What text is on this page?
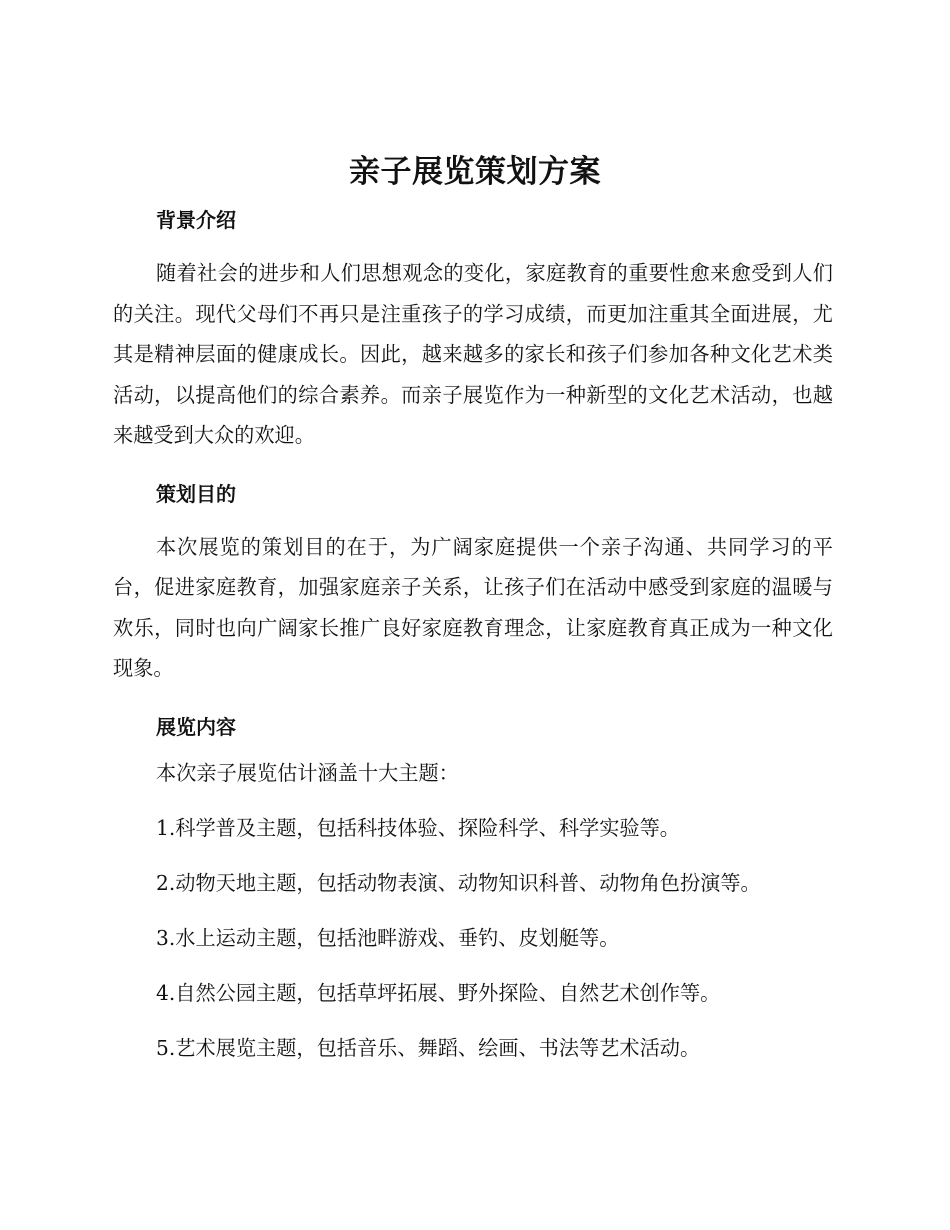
亲子展览策划方案
背景介绍

随着社会的进步和人们思想观念的变化，家庭教育的重要性愈来愈受到人们的关注。现代父母们不再只是注重孩子的学习成绩，而更加注重其全面进展，尤其是精神层面的健康成长。因此，越来越多的家长和孩子们参加各种文化艺术类活动，以提高他们的综合素养。而亲子展览作为一种新型的文化艺术活动，也越来越受到大众的欢迎。

策划目的

本次展览的策划目的在于，为广阔家庭提供一个亲子沟通、共同学习的平台，促进家庭教育，加强家庭亲子关系，让孩子们在活动中感受到家庭的温暖与欢乐，同时也向广阔家长推广良好家庭教育理念，让家庭教育真正成为一种文化现象。

展览内容

本次亲子展览估计涵盖十大主题：

1.科学普及主题，包括科技体验、探险科学、科学实验等。

2.动物天地主题，包括动物表演、动物知识科普、动物角色扮演等。

3.水上运动主题，包括池畔游戏、垂钓、皮划艇等。

4.自然公园主题，包括草坪拓展、野外探险、自然艺术创作等。

5.艺术展览主题，包括音乐、舞蹈、绘画、书法等艺术活动。
